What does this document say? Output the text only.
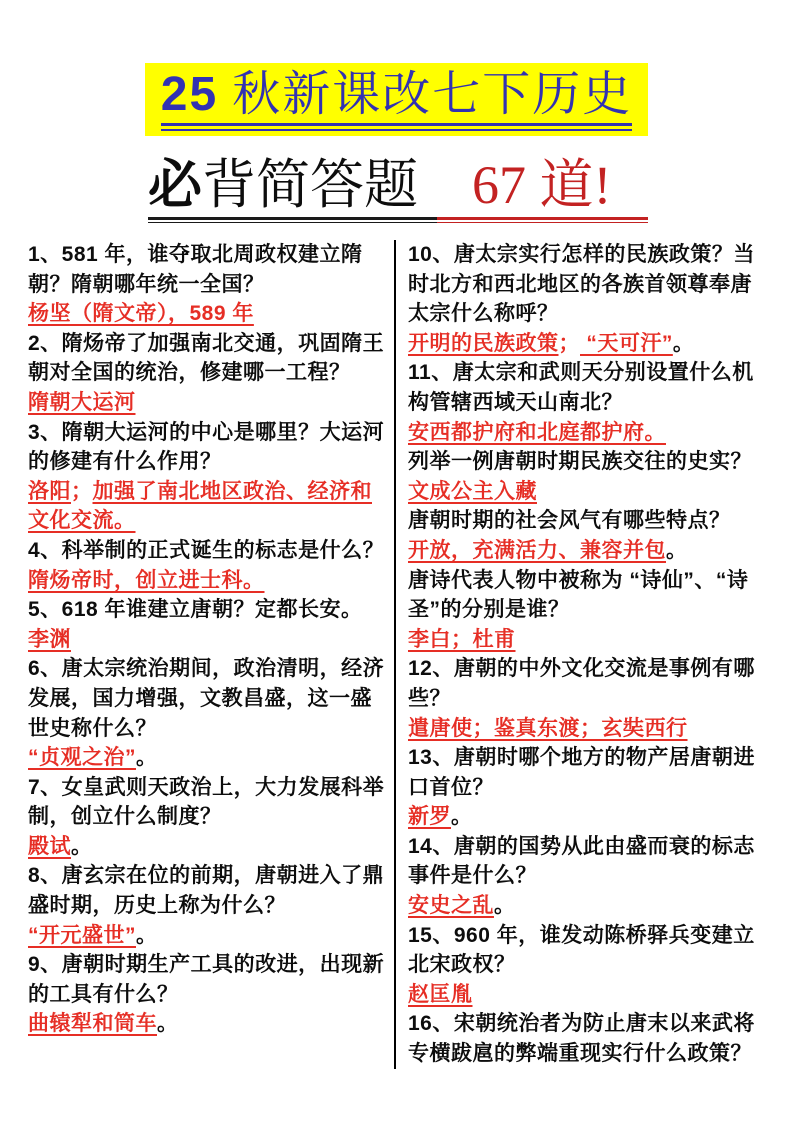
25 秋新课改七下历史
必背简答题 67 道!

1、581 年，谁夺取北周政权建立隋朝？隋朝哪年统一全国？

杨坚（隋文帝），589 年

2、隋炀帝了加强南北交通，巩固隋王朝对全国的统治，修建哪一工程？

隋朝大运河

3、隋朝大运河的中心是哪里？大运河的修建有什么作用？

洛阳；加强了南北地区政治、经济和文化交流。

4、科举制的正式诞生的标志是什么？

隋炀帝时，创立进士科。

5、618 年谁建立唐朝？定都长安。

李渊

6、唐太宗统治期间，政治清明，经济发展，国力增强，文教昌盛，这一盛世史称什么？

“贞观之治”。

7、女皇武则天政治上，大力发展科举制，创立什么制度？

殿试。

8、唐玄宗在位的前期，唐朝进入了鼎盛时期，历史上称为什么？

“开元盛世”。

9、唐朝时期生产工具的改进，出现新的工具有什么？

曲辕犁和筒车。

10、唐太宗实行怎样的民族政策？当时北方和西北地区的各族首领尊奉唐太宗什么称呼？

开明的民族政策； “天可汗”。

11、唐太宗和武则天分别设置什么机构管辖西域天山南北？

安西都护府和北庭都护府。

列举一例唐朝时期民族交往的史实？

文成公主入藏

唐朝时期的社会风气有哪些特点？

开放，充满活力、兼容并包。

唐诗代表人物中被称为 “诗仙”、“诗圣”的分别是谁？

李白；杜甫

12、唐朝的中外文化交流是事例有哪些？

遣唐使；鉴真东渡；玄奘西行

13、唐朝时哪个地方的物产居唐朝进口首位？

新罗。

14、唐朝的国势从此由盛而衰的标志事件是什么？

安史之乱。

15、960 年，谁发动陈桥驿兵变建立北宋政权？

赵匡胤

16、宋朝统治者为防止唐末以来武将专横跋扈的弊端重现实行什么政策？
